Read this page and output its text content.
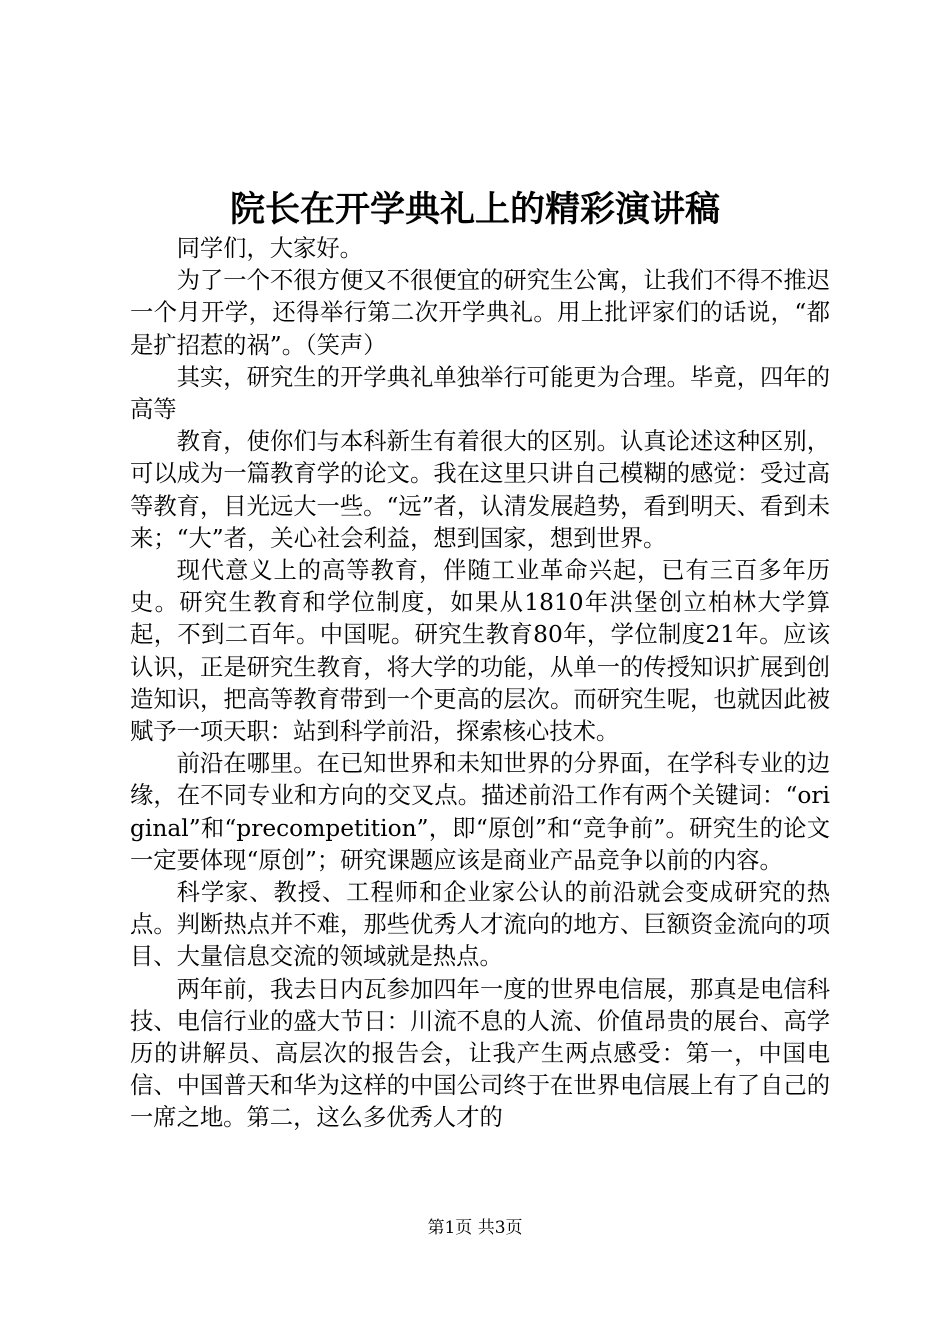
院长在开学典礼上的精彩演讲稿

同学们，大家好。

为了一个不很方便又不很便宜的研究生公寓，让我们不得不推迟一个月开学，还得举行第二次开学典礼。用上批评家们的话说，“都是扩招惹的祸”。（笑声）

其实，研究生的开学典礼单独举行可能更为合理。毕竟，四年的高等

教育，使你们与本科新生有着很大的区别。认真论述这种区别，可以成为一篇教育学的论文。我在这里只讲自己模糊的感觉：受过高等教育，目光远大一些。“远”者，认清发展趋势，看到明天、看到未来；“大”者，关心社会利益，想到国家，想到世界。

现代意义上的高等教育，伴随工业革命兴起，已有三百多年历史。研究生教育和学位制度，如果从1810年洪堡创立柏林大学算起，不到二百年。中国呢。研究生教育80年，学位制度21年。应该认识，正是研究生教育，将大学的功能，从单一的传授知识扩展到创造知识，把高等教育带到一个更高的层次。而研究生呢，也就因此被赋予一项天职：站到科学前沿，探索核心技术。

前沿在哪里。在已知世界和未知世界的分界面，在学科专业的边缘，在不同专业和方向的交叉点。描述前沿工作有两个关键词：“original”和“precompetition”，即“原创”和“竞争前”。研究生的论文一定要体现“原创”；研究课题应该是商业产品竞争以前的内容。

科学家、教授、工程师和企业家公认的前沿就会变成研究的热点。判断热点并不难，那些优秀人才流向的地方、巨额资金流向的项目、大量信息交流的领域就是热点。

两年前，我去日内瓦参加四年一度的世界电信展，那真是电信科技、电信行业的盛大节日：川流不息的人流、价值昂贵的展台、高学历的讲解员、高层次的报告会，让我产生两点感受：第一，中国电信、中国普天和华为这样的中国公司终于在世界电信展上有了自己的一席之地。第二，这么多优秀人才的

第1页 共3页
